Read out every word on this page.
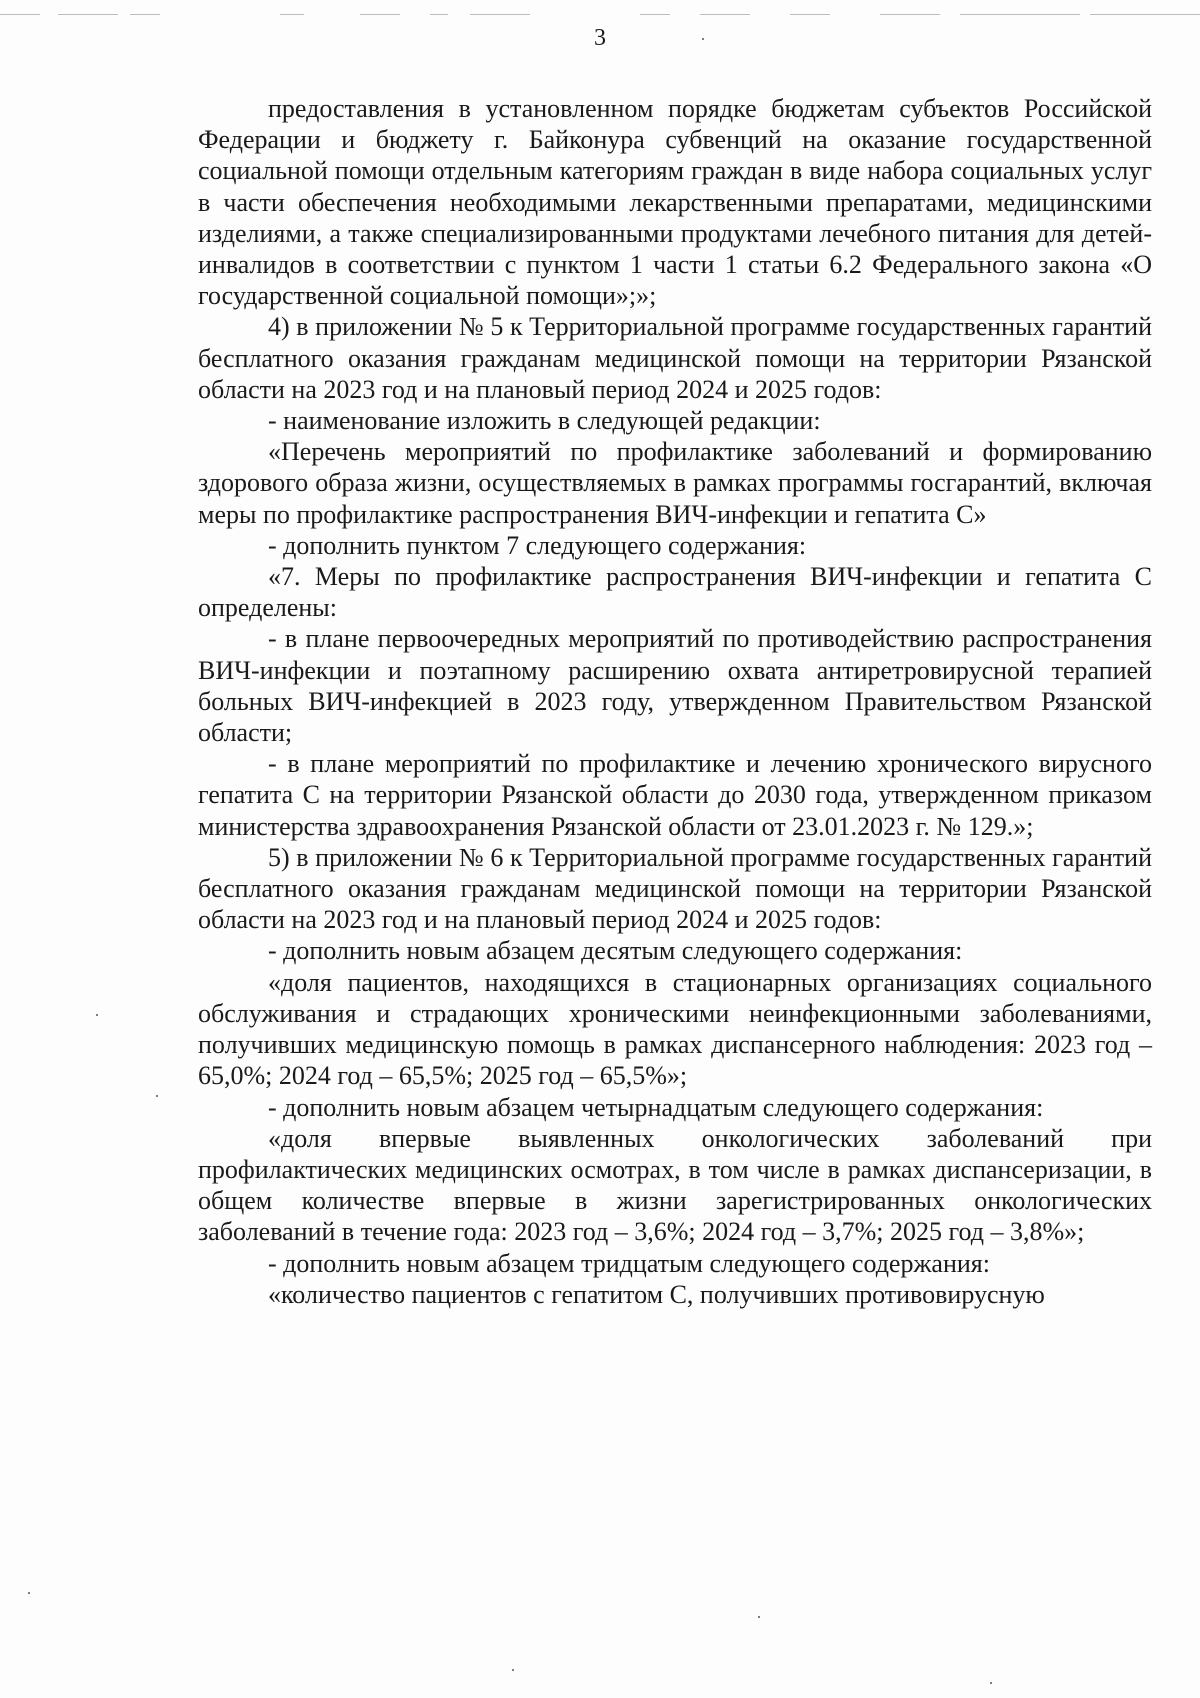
3

предоставления в установленном порядке бюджетам субъектов Российской Федерации и бюджету г. Байконура субвенций на оказание государственной социальной помощи отдельным категориям граждан в виде набора социальных услуг в части обеспечения необходимыми лекарственными препаратами, медицинскими изделиями, а также специализированными продуктами лечебного питания для детей-инвалидов в соответствии с пунктом 1 части 1 статьи 6.2 Федерального закона «О государственной социальной помощи»;»;

4) в приложении № 5 к Территориальной программе государственных гарантий бесплатного оказания гражданам медицинской помощи на территории Рязанской области на 2023 год и на плановый период 2024 и 2025 годов:

- наименование изложить в следующей редакции:

«Перечень мероприятий по профилактике заболеваний и формированию здорового образа жизни, осуществляемых в рамках программы госгарантий, включая меры по профилактике распространения ВИЧ-инфекции и гепатита С»

- дополнить пунктом 7 следующего содержания:

«7. Меры по профилактике распространения ВИЧ-инфекции и гепатита С определены:

- в плане первоочередных мероприятий по противодействию распространения ВИЧ-инфекции и поэтапному расширению охвата антиретровирусной терапией больных ВИЧ-инфекцией в 2023 году, утвержденном Правительством Рязанской области;

- в плане мероприятий по профилактике и лечению хронического вирусного гепатита С на территории Рязанской области до 2030 года, утвержденном приказом министерства здравоохранения Рязанской области от 23.01.2023 г. № 129.»;

5) в приложении № 6 к Территориальной программе государственных гарантий бесплатного оказания гражданам медицинской помощи на территории Рязанской области на 2023 год и на плановый период 2024 и 2025 годов:

- дополнить новым абзацем десятым следующего содержания:

«доля пациентов, находящихся в стационарных организациях социального обслуживания и страдающих хроническими неинфекционными заболеваниями, получивших медицинскую помощь в рамках диспансерного наблюдения: 2023 год – 65,0%; 2024 год – 65,5%; 2025 год – 65,5%»;

- дополнить новым абзацем четырнадцатым следующего содержания:

«доля впервые выявленных онкологических заболеваний при профилактических медицинских осмотрах, в том числе в рамках диспансеризации, в общем количестве впервые в жизни зарегистрированных онкологических заболеваний в течение года: 2023 год – 3,6%; 2024 год – 3,7%; 2025 год – 3,8%»;

- дополнить новым абзацем тридцатым следующего содержания:

«количество пациентов с гепатитом С, получивших противовирусную
